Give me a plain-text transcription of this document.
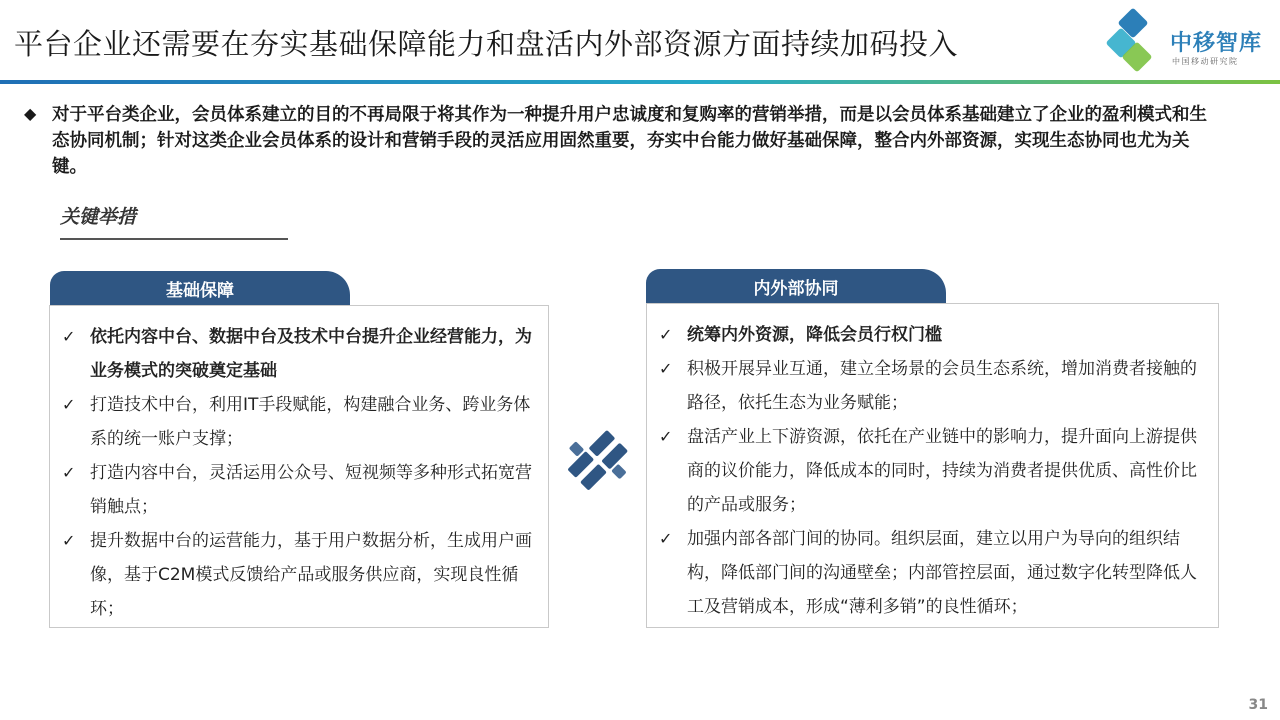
平台企业还需要在夯实基础保障能力和盘活内外部资源方面持续加码投入	中移智库
中国移动研究院
◆ 对于平台类企业，会员体系建立的目的不再局限于将其作为一种提升用户忠诚度和复购率的营销举措，而是以会员体系基础建立了企业的盈利模式和生态协同机制；针对这类企业会员体系的设计和营销手段的灵活应用固然重要，夯实中台能力做好基础保障，整合内外部资源，实现生态协同也尤为关键。
关键举措
基础保障
✓ 依托内容中台、数据中台及技术中台提升企业经营能力，为业务模式的突破奠定基础
✓ 打造技术中台，利用IT手段赋能，构建融合业务、跨业务体系的统一账户支撑；
✓ 打造内容中台，灵活运用公众号、短视频等多种形式拓宽营销触点；
✓ 提升数据中台的运营能力，基于用户数据分析，生成用户画像，基于C2M模式反馈给产品或服务供应商，实现良性循环；
内外部协同
✓ 统筹内外资源，降低会员行权门槛
✓ 积极开展异业互通，建立全场景的会员生态系统，增加消费者接触的路径，依托生态为业务赋能；
✓ 盘活产业上下游资源，依托在产业链中的影响力，提升面向上游提供商的议价能力，降低成本的同时，持续为消费者提供优质、高性价比的产品或服务；
✓ 加强内部各部门间的协同。组织层面，建立以用户为导向的组织结构，降低部门间的沟通壁垒；内部管控层面，通过数字化转型降低人工及营销成本，形成“薄利多销”的良性循环；
31
